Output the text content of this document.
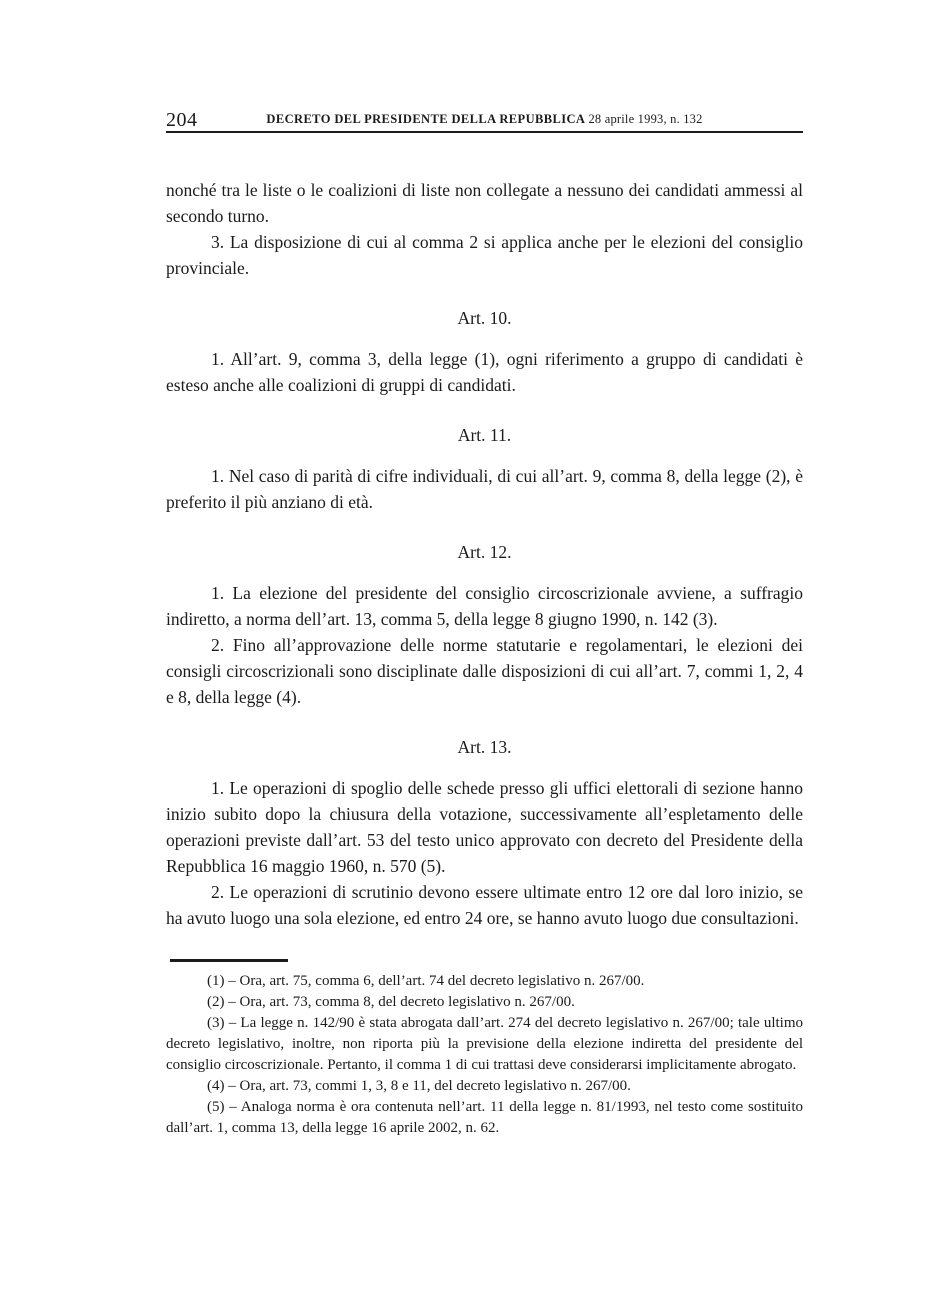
204	DECRETO DEL PRESIDENTE DELLA REPUBBLICA 28 aprile 1993, n. 132

nonché tra le liste o le coalizioni di liste non collegate a nessuno dei candidati ammessi al secondo turno.

3. La disposizione di cui al comma 2 si applica anche per le elezioni del consiglio provinciale.

Art. 10.

1. All’art. 9, comma 3, della legge (1), ogni riferimento a gruppo di candidati è esteso anche alle coalizioni di gruppi di candidati.

Art. 11.

1. Nel caso di parità di cifre individuali, di cui all’art. 9, comma 8, della legge (2), è preferito il più anziano di età.

Art. 12.

1. La elezione del presidente del consiglio circoscrizionale avviene, a suffragio indiretto, a norma dell’art. 13, comma 5, della legge 8 giugno 1990, n. 142 (3).

2. Fino all’approvazione delle norme statutarie e regolamentari, le elezioni dei consigli circoscrizionali sono disciplinate dalle disposizioni di cui all’art. 7, commi 1, 2, 4 e 8, della legge (4).

Art. 13.

1. Le operazioni di spoglio delle schede presso gli uffici elettorali di sezione hanno inizio subito dopo la chiusura della votazione, successivamente all’espletamento delle operazioni previste dall’art. 53 del testo unico approvato con decreto del Presidente della Repubblica 16 maggio 1960, n. 570 (5).

2. Le operazioni di scrutinio devono essere ultimate entro 12 ore dal loro inizio, se ha avuto luogo una sola elezione, ed entro 24 ore, se hanno avuto luogo due consultazioni.

(1) – Ora, art. 75, comma 6, dell’art. 74 del decreto legislativo n. 267/00.

(2) – Ora, art. 73, comma 8, del decreto legislativo n. 267/00.

(3) – La legge n. 142/90 è stata abrogata dall’art. 274 del decreto legislativo n. 267/00; tale ultimo decreto legislativo, inoltre, non riporta più la previsione della elezione indiretta del presidente del consiglio circoscrizionale. Pertanto, il comma 1 di cui trattasi deve considerarsi implicitamente abrogato.

(4) – Ora, art. 73, commi 1, 3, 8 e 11, del decreto legislativo n. 267/00.

(5) – Analoga norma è ora contenuta nell’art. 11 della legge n. 81/1993, nel testo come sostituito dall’art. 1, comma 13, della legge 16 aprile 2002, n. 62.
